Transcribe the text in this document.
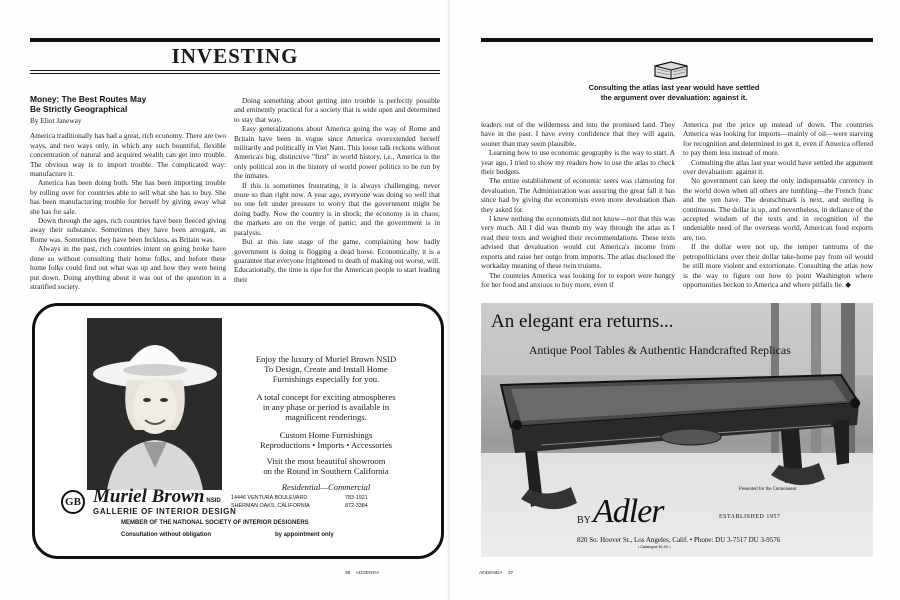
INVESTING
Money: The Best Routes May
Be Strictly Geographical
By Eliot Janeway

America traditionally has had a great, rich economy. There are two ways, and two ways only, in which any such bountiful, flexible concentration of natural and acquired wealth can get into trouble. The obvious way is to import trouble. The complicated way: manufacture it.

America has been doing both. She has been importing trouble by rolling over for countries able to sell what she has to buy. She has been manufacturing trouble for herself by giving away what she has for sale.

Down through the ages, rich countries have been fleeced giving away their substance. Sometimes they have been arrogant, as Rome was. Sometimes they have been feckless, as Britain was.

Always in the past, rich countries intent on going broke have done so without consulting their home folks, and before these home folks could find out what was up and how they were being put down. Doing anything about it was out of the question in a stratified society.

Doing something about getting into trouble is perfectly possible and eminently practical for a society that is wide open and determined to stay that way.

Easy generalizations about America going the way of Rome and Britain have been in vogue since America overextended herself militarily and politically in Viet Nam. This loose talk reckons without America's big, distinctive "first" in world history, i.e., America is the only political zoo in the history of world power politics to be run by the inmates.

If this is sometimes frustrating, it is always challenging, never more so than right now. A year ago, everyone was doing so well that no one felt under pressure to worry that the government might be doing badly. Now the country is in shock; the economy is in chaos; the markets are on the verge of panic; and the government is in paralysis.

But at this late stage of the game, complaining how badly government is doing is flogging a dead horse. Economically, it is a guarantee that everyone frightened to death of making out worse, will. Educationally, the time is ripe for the American people to start leading their

Enjoy the luxury of Muriel Brown NSID
To Design, Create and Install Home
Furnishings especially for you.
A total concept for exciting atmospheres
in any phase or period is available in
magnificent renderings.
Custom Home Furnishings
Reproductions • Imports • Accessories
Visit the most beautiful showroom
on the Round in Southern California
Residential—Commercial
GB Muriel Brown NSID
GALLERIE OF INTERIOR DESIGN
14446 VENTURA BOULEVARD
SHERMAN OAKS, CALIFORNIA
783-1921
872-3384
MEMBER OF THE NATIONAL SOCIETY OF INTERIOR DESIGNERS
Consultation without obligation	by appointment only
36 ADDENDA
Consulting the atlas last year would have settled
the argument over devaluation: against it.

leaders out of the wilderness and into the promised land. They have in the past. I have every confidence that they will again, sooner than may seem plausible.

Learning how to use economic geography is the way to start. A year ago, I tried to show my readers how to use the atlas to check their budgets.

The entire establishment of economic seers was clamoring for devaluation. The Administration was assuring the great fall it has since had by giving the economists even more devaluation than they asked for.

I knew nothing the economists did not know—not that this was very much. All I did was thumb my way through the atlas as I read their texts and weighed their recommendations. These texts advised that devaluation would cut America's income from exports and raise her outgo from imports. The atlas disclosed the workaday meaning of these twin truisms.

The countries America was looking for to export were hungry for her food and anxious to buy more, even if

America put the price up instead of down. The countries America was looking for imports—mainly of oil—were starving for recognition and determined to get it, even if America offered to pay them less instead of more.

Consulting the atlas last year would have settled the argument over devaluation: against it.

No government can keep the only indispensable currency in the world down when all others are tumbling—the French franc and the yen have. The deutschmark is next, and sterling is continuous. The dollar is up, and nevertheless, in defiance of the accepted wisdom of the texts and in recognition of the undeniable need of the overseas world, American food exports are, too.

If the dollar were not up, the temper tantrums of the petropoliticians over their dollar take-home pay from oil would be still more violent and extortionate. Consulting the atlas now is the way to figure out how to point Washington where opportunities beckon to America and where pitfalls lie. ◆

An elegant era returns...
Antique Pool Tables & Authentic Handcrafted Replicas
Presented for the Connoisseur
BY Adler	ESTABLISHED 1957
820 So. Hoover St., Los Angeles, Calif. • Phone: DU 3-7517 DU 3-9576
• Catalogue $1.00 •
ADDENDA 37
